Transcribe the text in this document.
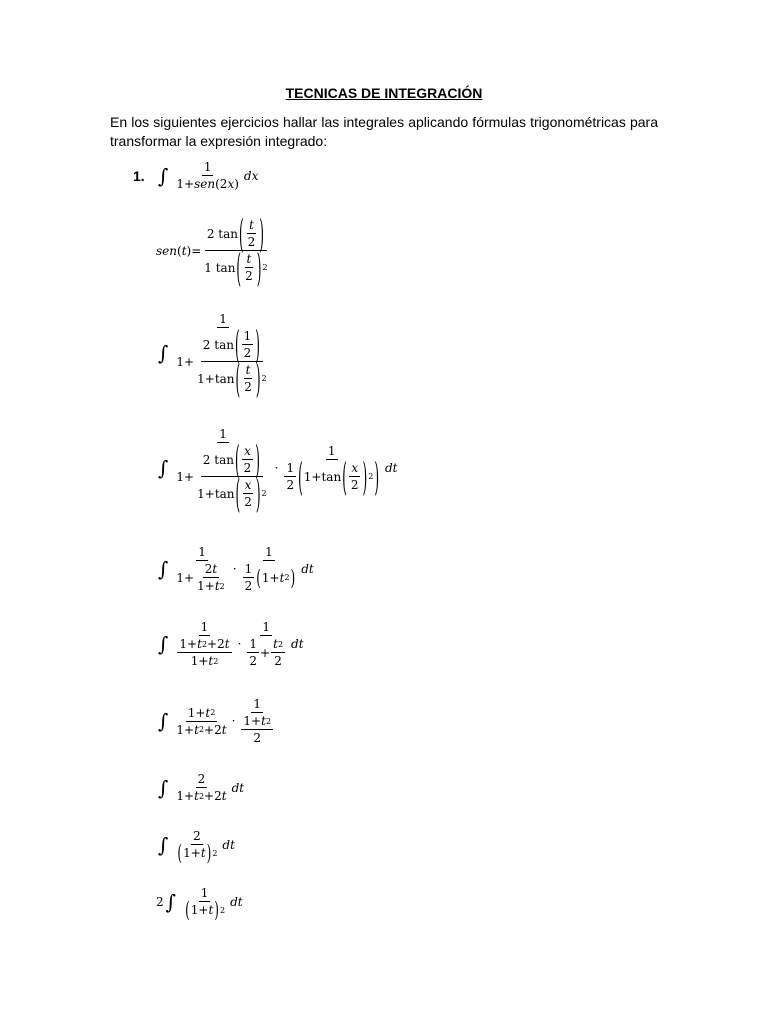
TECNICAS DE INTEGRACIÓN
En los siguientes ejercicios hallar las integrales aplicando fórmulas trigonométricas para transformar la expresión integrado:
1. ∫ $\frac{1}{\text{1+ sen (2 x )}}$ dx
$sen(t)= \frac{2 \tan ( \frac{t}{2} )}{1 \tan ( \frac{t}{2} ) 2}$
∫ $\frac{1}{1+ \frac{2 \tan ( \frac{1}{2} )}{1+\tan ( \frac{t}{2} ) 2}}$
∫ $\frac{1}{1+ \frac{2 \tan ( \frac{x}{2} )}{1+\tan ( \frac{x}{2} ) 2}} \cdot \frac{1}{\frac{1}{2} ( 1+\tan ( \frac{x}{2} ) 2 )}$ dt
∫ $\frac{1}{1+ \frac{2 t}{1+ t 2}} \cdot \frac{1}{\frac{1}{2} ( 1+ t 2 )}$ dt
∫ $\frac{1}{\frac{1+ t 2 +2 t}{1+ t 2}} \cdot \frac{1}{\frac{1}{2} + \frac{t 2}{2}}$ dt
∫ $\frac{1+ t 2}{1+ t 2 +2 t} \cdot \frac{1}{\frac{1+ t 2}{2}}$
∫ $\frac{2}{1+ t 2 +2 t}$ dt
∫ $\frac{2}{( 1+ t ) 2}$ dt
2 ∫ $\frac{1}{( 1+ t ) 2}$ dt
